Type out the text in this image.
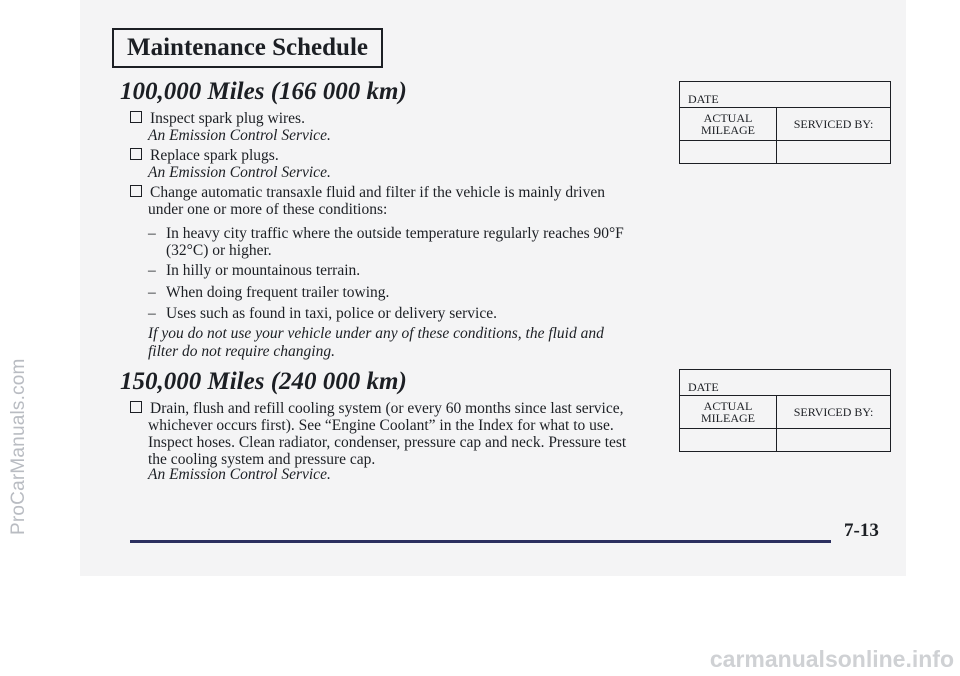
ProCarManuals.com
Maintenance Schedule
100,000 Miles (166 000 km)
Inspect spark plug wires.
An Emission Control Service.
Replace spark plugs.
An Emission Control Service.
Change automatic transaxle fluid and filter if the vehicle is mainly driven
under one or more of these conditions:
– In heavy city traffic where the outside temperature regularly reaches 90°F
(32°C) or higher.
– In hilly or mountainous terrain.
– When doing frequent trailer towing.
– Uses such as found in taxi, police or delivery service.
If you do not use your vehicle under any of these conditions, the fluid and
filter do not require changing.
DATE
ACTUAL
MILEAGE	SERVICED BY:
150,000 Miles (240 000 km)
Drain, flush and refill cooling system (or every 60 months since last service,
whichever occurs first). See “Engine Coolant” in the Index for what to use.
Inspect hoses. Clean radiator, condenser, pressure cap and neck. Pressure test
the cooling system and pressure cap.
An Emission Control Service.
DATE
ACTUAL
MILEAGE	SERVICED BY:
7-13
carmanualsonline.info
